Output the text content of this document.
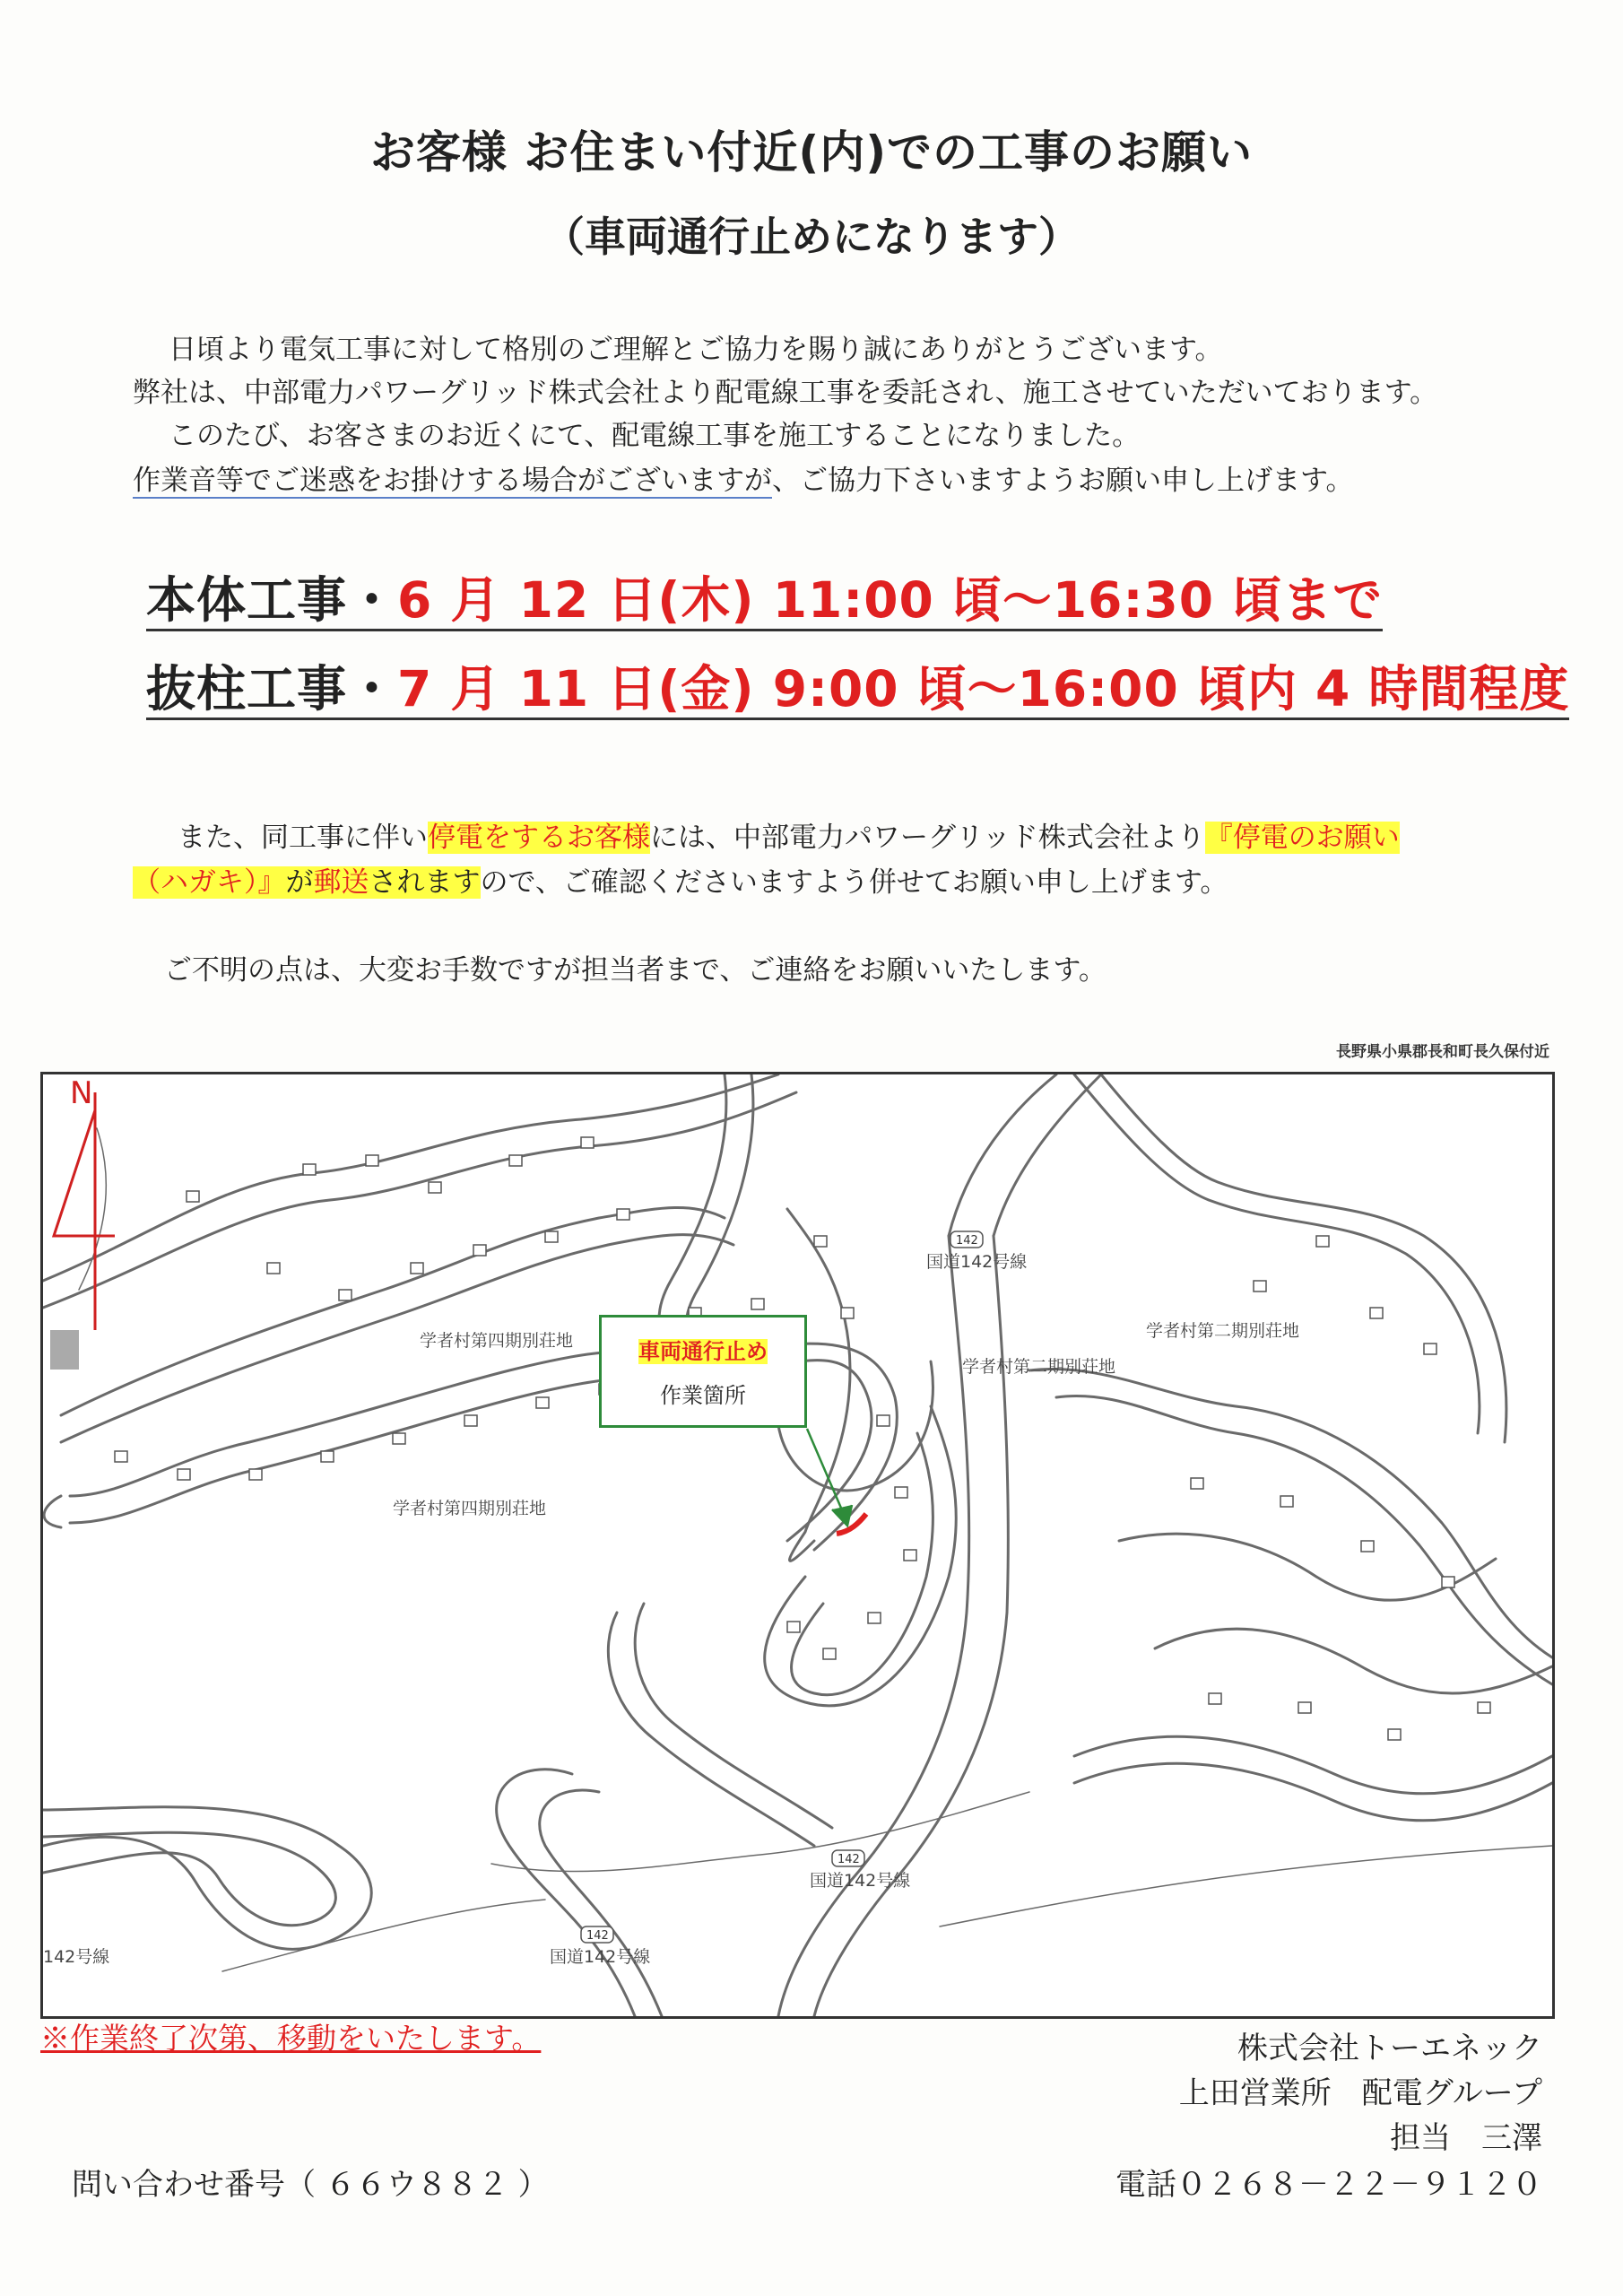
お客様 お住まい付近(内)での工事のお願い
（車両通行止めになります）
日頃より電気工事に対して格別のご理解とご協力を賜り誠にありがとうございます。
弊社は、中部電力パワーグリッド株式会社より配電線工事を委託され、施工させていただいております。
このたび、お客さまのお近くにて、配電線工事を施工することになりました。
作業音等でご迷惑をお掛けする場合がございますが、ご協力下さいますようお願い申し上げます。
本体工事・6 月 12 日(木) 11:00 頃～16:30 頃まで
抜柱工事・7 月 11 日(金) 9:00 頃～16:00 頃内 4 時間程度
また、同工事に伴い停電をするお客様には、中部電力パワーグリッド株式会社より『停電のお願い
（ハガキ）』が郵送されますので、ご確認くださいますよう併せてお願い申し上げます。
ご不明の点は、大変お手数ですが担当者まで、ご連絡をお願いいたします。
長野県小県郡長和町長久保付近
N
学者村第四期別荘地
学者村第四期別荘地
学者村第二期別荘地
学者村第二期別荘地
国道142号線
国道142号線
国道142号線
142号線
142
142
142
車両通行止め
作業箇所
※作業終了次第、移動をいたします。	株式会社トーエネック
上田営業所　配電グループ
担当　三澤
電話０２６８－２２－９１２０
問い合わせ番号（ ６６ウ８８２ ）
